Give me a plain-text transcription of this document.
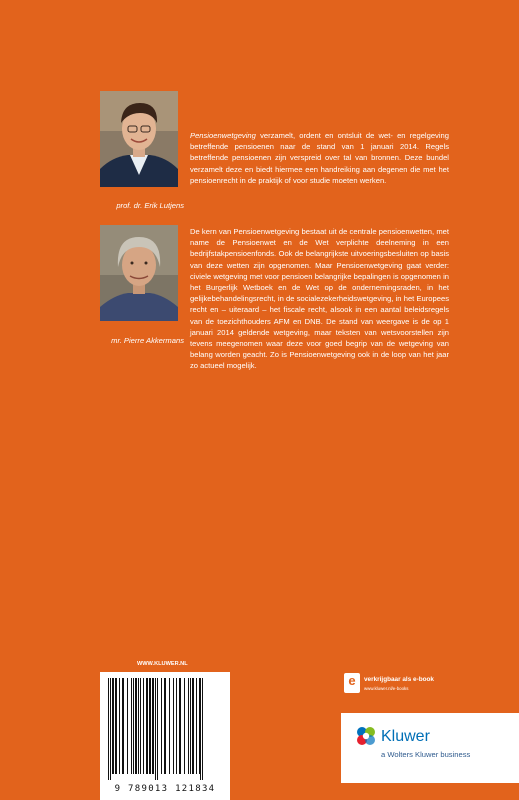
prof. dr. Erik Lutjens
mr. Pierre Akkermans

Pensioenwetgeving verzamelt, ordent en ontsluit de wet- en regelgeving betreffende pensioenen naar de stand van 1 januari 2014. Regels betreffende pensioenen zijn verspreid over tal van bronnen. Deze bundel verzamelt deze en biedt hiermee een handreiking aan degenen die met het pensioenrecht in de praktijk of voor studie moeten werken.

De kern van Pensioenwetgeving bestaat uit de centrale pensioenwetten, met name de Pensioenwet en de Wet verplichte deelneming in een bedrijfstakpensioenfonds. Ook de belangrijkste uitvoeringsbesluiten op basis van deze wetten zijn opgenomen. Maar Pensioenwetgeving gaat verder: civiele wetgeving met voor pensioen belangrijke bepalingen is opgenomen in het Burgerlijk Wetboek en de Wet op de ondernemingsraden, in het gelijkebehandelingsrecht, in de socialezekerheidswetgeving, in het Europees recht en – uiteraard – het fiscale recht, alsook in een aantal beleidsregels van de toezichthouders AFM en DNB. De stand van weergave is de op 1 januari 2014 geldende wetgeving, maar teksten van wetsvoorstellen zijn tevens meegenomen waar deze voor goed begrip van de wetgeving van belang worden geacht. Zo is Pensioenwetgeving ook in de loop van het jaar zo actueel mogelijk.

WWW.KLUWER.NL
9 789013 121834
e	verkrijgbaar als e-book
www.kluwer.nl/e-books
Kluwer
a Wolters Kluwer business
